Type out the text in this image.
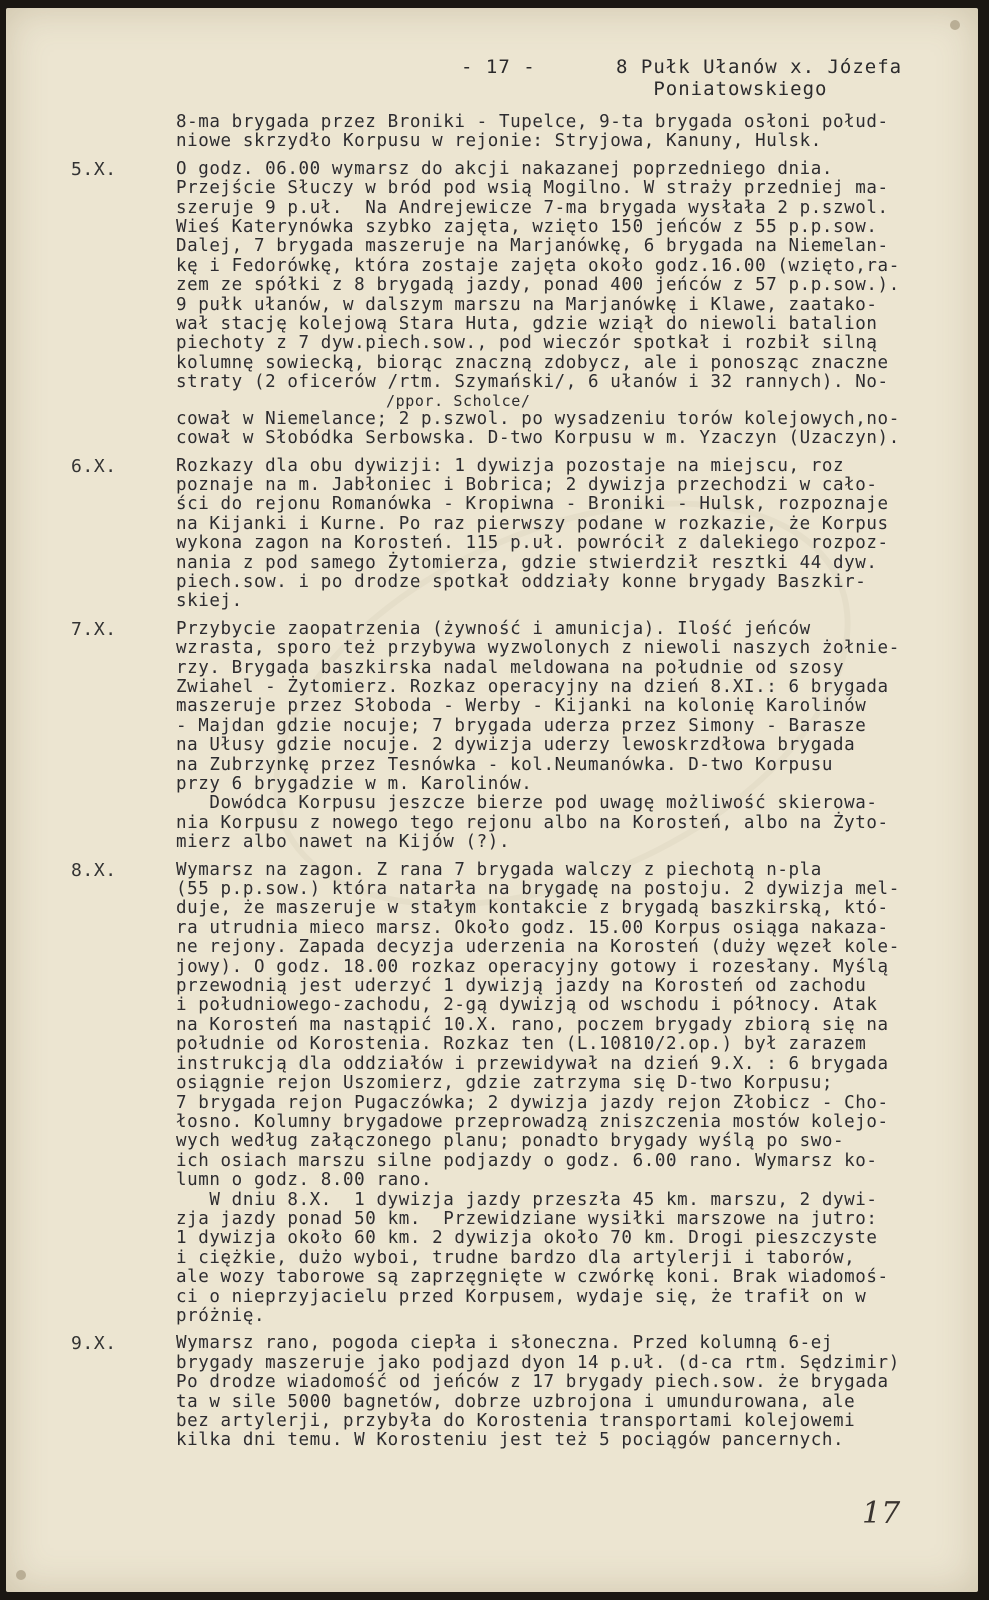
- 17 -	8 Pułk Ułanów x. Józefa
Poniatowskiego
8-ma brygada przez Broniki - Tupelce, 9-ta brygada osłoni połud-
niowe skrzydło Korpusu w rejonie: Stryjowa, Kanuny, Hulsk.
5.X.	O godz. 06.00 wymarsz do akcji nakazanej poprzedniego dnia.
Przejście Słuczy w bród pod wsią Mogilno. W straży przedniej ma-
szeruje 9 p.uł.  Na Andrejewicze 7-ma brygada wysłała 2 p.szwol.
Wieś Katerynówka szybko zajęta, wzięto 150 jeńców z 55 p.p.sow.
Dalej, 7 brygada maszeruje na Marjanówkę, 6 brygada na Niemelan-
kę i Fedorówkę, która zostaje zajęta około godz.16.00 (wzięto,ra-
zem ze spółki z 8 brygadą jazdy, ponad 400 jeńców z 57 p.p.sow.).
9 pułk ułanów, w dalszym marszu na Marjanówkę i Klawe, zaatako-
wał stację kolejową Stara Huta, gdzie wziął do niewoli batalion
piechoty z 7 dyw.piech.sow., pod wieczór spotkał i rozbił silną
kolumnę sowiecką, biorąc znaczną zdobycz, ale i ponosząc znaczne
straty (2 oficerów /rtm. Szymański/, 6 ułanów i 32 rannych). No-
/ppor. Scholce/
cował w Niemelance; 2 p.szwol. po wysadzeniu torów kolejowych,no-
cował w Słobódka Serbowska. D-two Korpusu w m. Yzaczyn (Uzaczyn).
6.X.	Rozkazy dla obu dywizji: 1 dywizja pozostaje na miejscu, roz
poznaje na m. Jabłoniec i Bobrica; 2 dywizja przechodzi w cało-
ści do rejonu Romanówka - Kropiwna - Broniki - Hulsk, rozpoznaje
na Kijanki i Kurne. Po raz pierwszy podane w rozkazie, że Korpus
wykona zagon na Korosteń. 115 p.uł. powrócił z dalekiego rozpoz-
nania z pod samego Żytomierza, gdzie stwierdził resztki 44 dyw.
piech.sow. i po drodze spotkał oddziały konne brygady Baszkir-
skiej.
7.X.	Przybycie zaopatrzenia (żywność i amunicja). Ilość jeńców
wzrasta, sporo też przybywa wyzwolonych z niewoli naszych żołnie-
rzy. Brygada baszkirska nadal meldowana na południe od szosy
Zwiahel - Żytomierz. Rozkaz operacyjny na dzień 8.XI.: 6 brygada
maszeruje przez Słoboda - Werby - Kijanki na kolonię Karolinów
- Majdan gdzie nocuje; 7 brygada uderza przez Simony - Barasze
na Ułusy gdzie nocuje. 2 dywizja uderzy lewoskrzdłowa brygada
na Zubrzynkę przez Tesnówka - kol.Neumanówka. D-two Korpusu
przy 6 brygadzie w m. Karolinów.
Dowódca Korpusu jeszcze bierze pod uwagę możliwość skierowa-
nia Korpusu z nowego tego rejonu albo na Korosteń, albo na Żyto-
mierz albo nawet na Kijów (?).
8.X.	Wymarsz na zagon. Z rana 7 brygada walczy z piechotą n-pla
(55 p.p.sow.) która natarła na brygadę na postoju. 2 dywizja mel-
duje, że maszeruje w stałym kontakcie z brygadą baszkirską, któ-
ra utrudnia mieco marsz. Około godz. 15.00 Korpus osiąga nakaza-
ne rejony. Zapada decyzja uderzenia na Korosteń (duży węzeł kole-
jowy). O godz. 18.00 rozkaz operacyjny gotowy i rozesłany. Myślą
przewodnią jest uderzyć 1 dywizją jazdy na Korosteń od zachodu
i południowego-zachodu, 2-gą dywizją od wschodu i północy. Atak
na Korosteń ma nastąpić 10.X. rano, poczem brygady zbiorą się na
południe od Korostenia. Rozkaz ten (L.10810/2.op.) był zarazem
instrukcją dla oddziałów i przewidywał na dzień 9.X. : 6 brygada
osiągnie rejon Uszomierz, gdzie zatrzyma się D-two Korpusu;
7 brygada rejon Pugaczówka; 2 dywizja jazdy rejon Złobicz - Cho-
łosno. Kolumny brygadowe przeprowadzą zniszczenia mostów kolejo-
wych według załączonego planu; ponadto brygady wyślą po swo-
ich osiach marszu silne podjazdy o godz. 6.00 rano. Wymarsz ko-
lumn o godz. 8.00 rano.
W dniu 8.X.  1 dywizja jazdy przeszła 45 km. marszu, 2 dywi-
zja jazdy ponad 50 km.  Przewidziane wysiłki marszowe na jutro:
1 dywizja około 60 km. 2 dywizja około 70 km. Drogi pieszczyste
i ciężkie, dużo wyboi, trudne bardzo dla artylerji i taborów,
ale wozy taborowe są zaprzęgnięte w czwórkę koni. Brak wiadomoś-
ci o nieprzyjacielu przed Korpusem, wydaje się, że trafił on w
próżnię.
9.X.	Wymarsz rano, pogoda ciepła i słoneczna. Przed kolumną 6-ej
brygady maszeruje jako podjazd dyon 14 p.uł. (d-ca rtm. Sędzimir)
Po drodze wiadomość od jeńców z 17 brygady piech.sow. że brygada
ta w sile 5000 bagnetów, dobrze uzbrojona i umundurowana, ale
bez artylerji, przybyła do Korostenia transportami kolejowemi
kilka dni temu. W Korosteniu jest też 5 pociągów pancernych.
17
